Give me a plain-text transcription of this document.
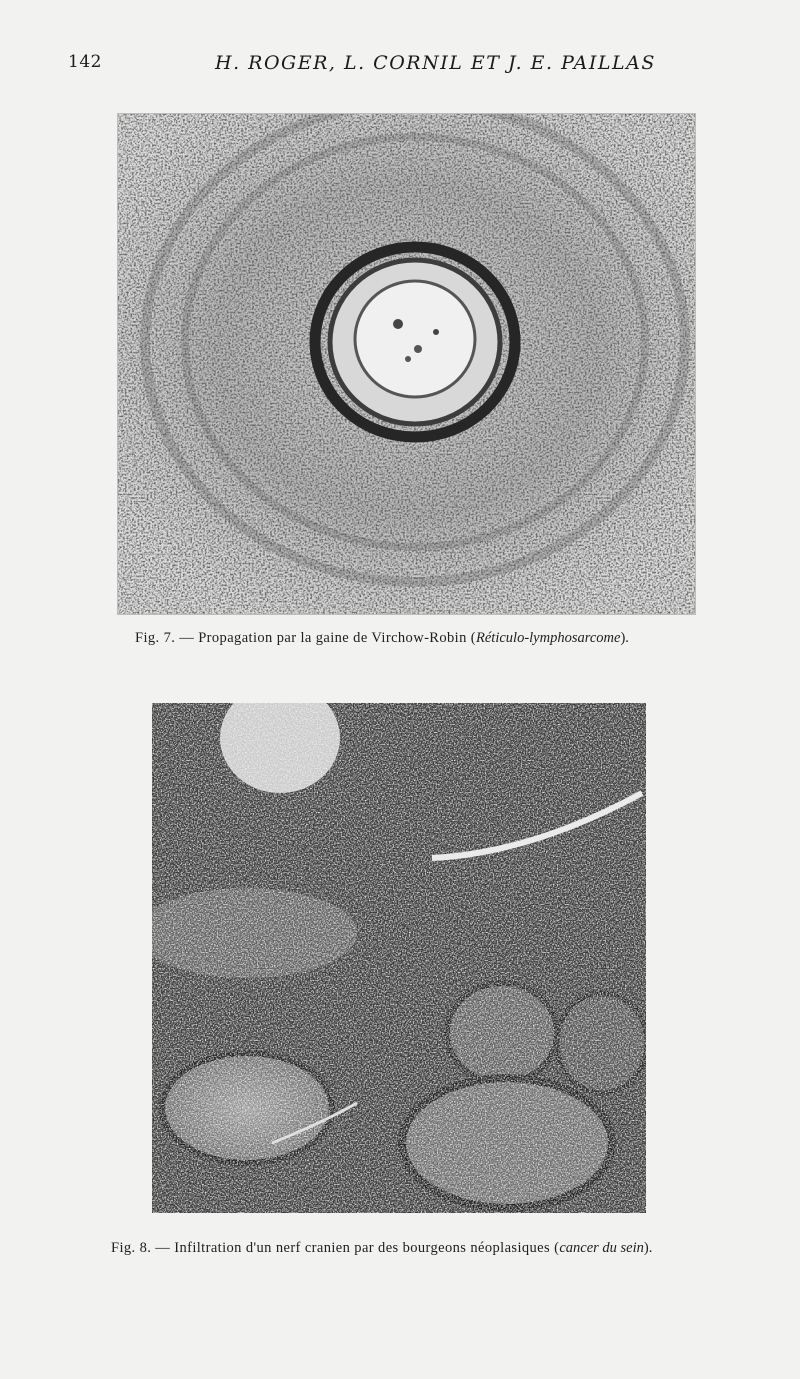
142	H. ROGER, L. CORNIL ET J. E. PAILLAS
Fig. 7. — Propagation par la gaine de Virchow-Robin (Réticulo-lymphosarcome).
Fig. 8. — Infiltration d'un nerf cranien par des bourgeons néoplasiques (cancer du sein).
